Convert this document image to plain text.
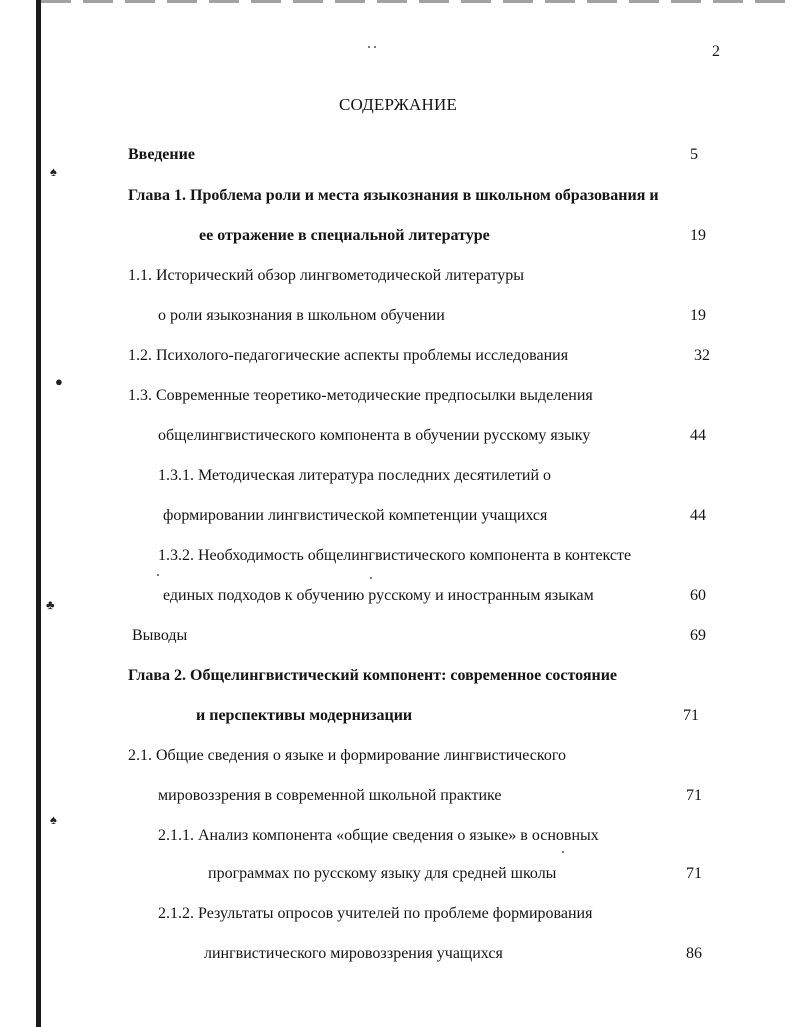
♠
●
♣
♠
2
СОДЕРЖАНИЕ
Введение	5
Глава 1. Проблема роли и места языкознания в школьном образования и
ее отражение в специальной литературе	19
1.1. Исторический обзор лингвометодической литературы
о роли языкознания в школьном обучении	19
1.2. Психолого-педагогические аспекты проблемы исследования	32
1.3. Современные теоретико-методические предпосылки выделения
общелингвистического компонента в обучении русскому языку	44
1.3.1. Методическая литература последних десятилетий о
формировании лингвистической компетенции учащихся	44
1.3.2. Необходимость общелингвистического компонента в контексте
единых подходов к обучению русскому и иностранным языкам	60
Выводы	69
Глава 2. Общелингвистический компонент: современное состояние
и перспективы модернизации	71
2.1. Общие сведения о языке и формирование лингвистического
мировоззрения в современной школьной практике	71
2.1.1. Анализ компонента «общие сведения о языке» в основных
программах по русскому языку для средней школы	71
2.1.2. Результаты опросов учителей по проблеме формирования
лингвистического мировоззрения учащихся	86
